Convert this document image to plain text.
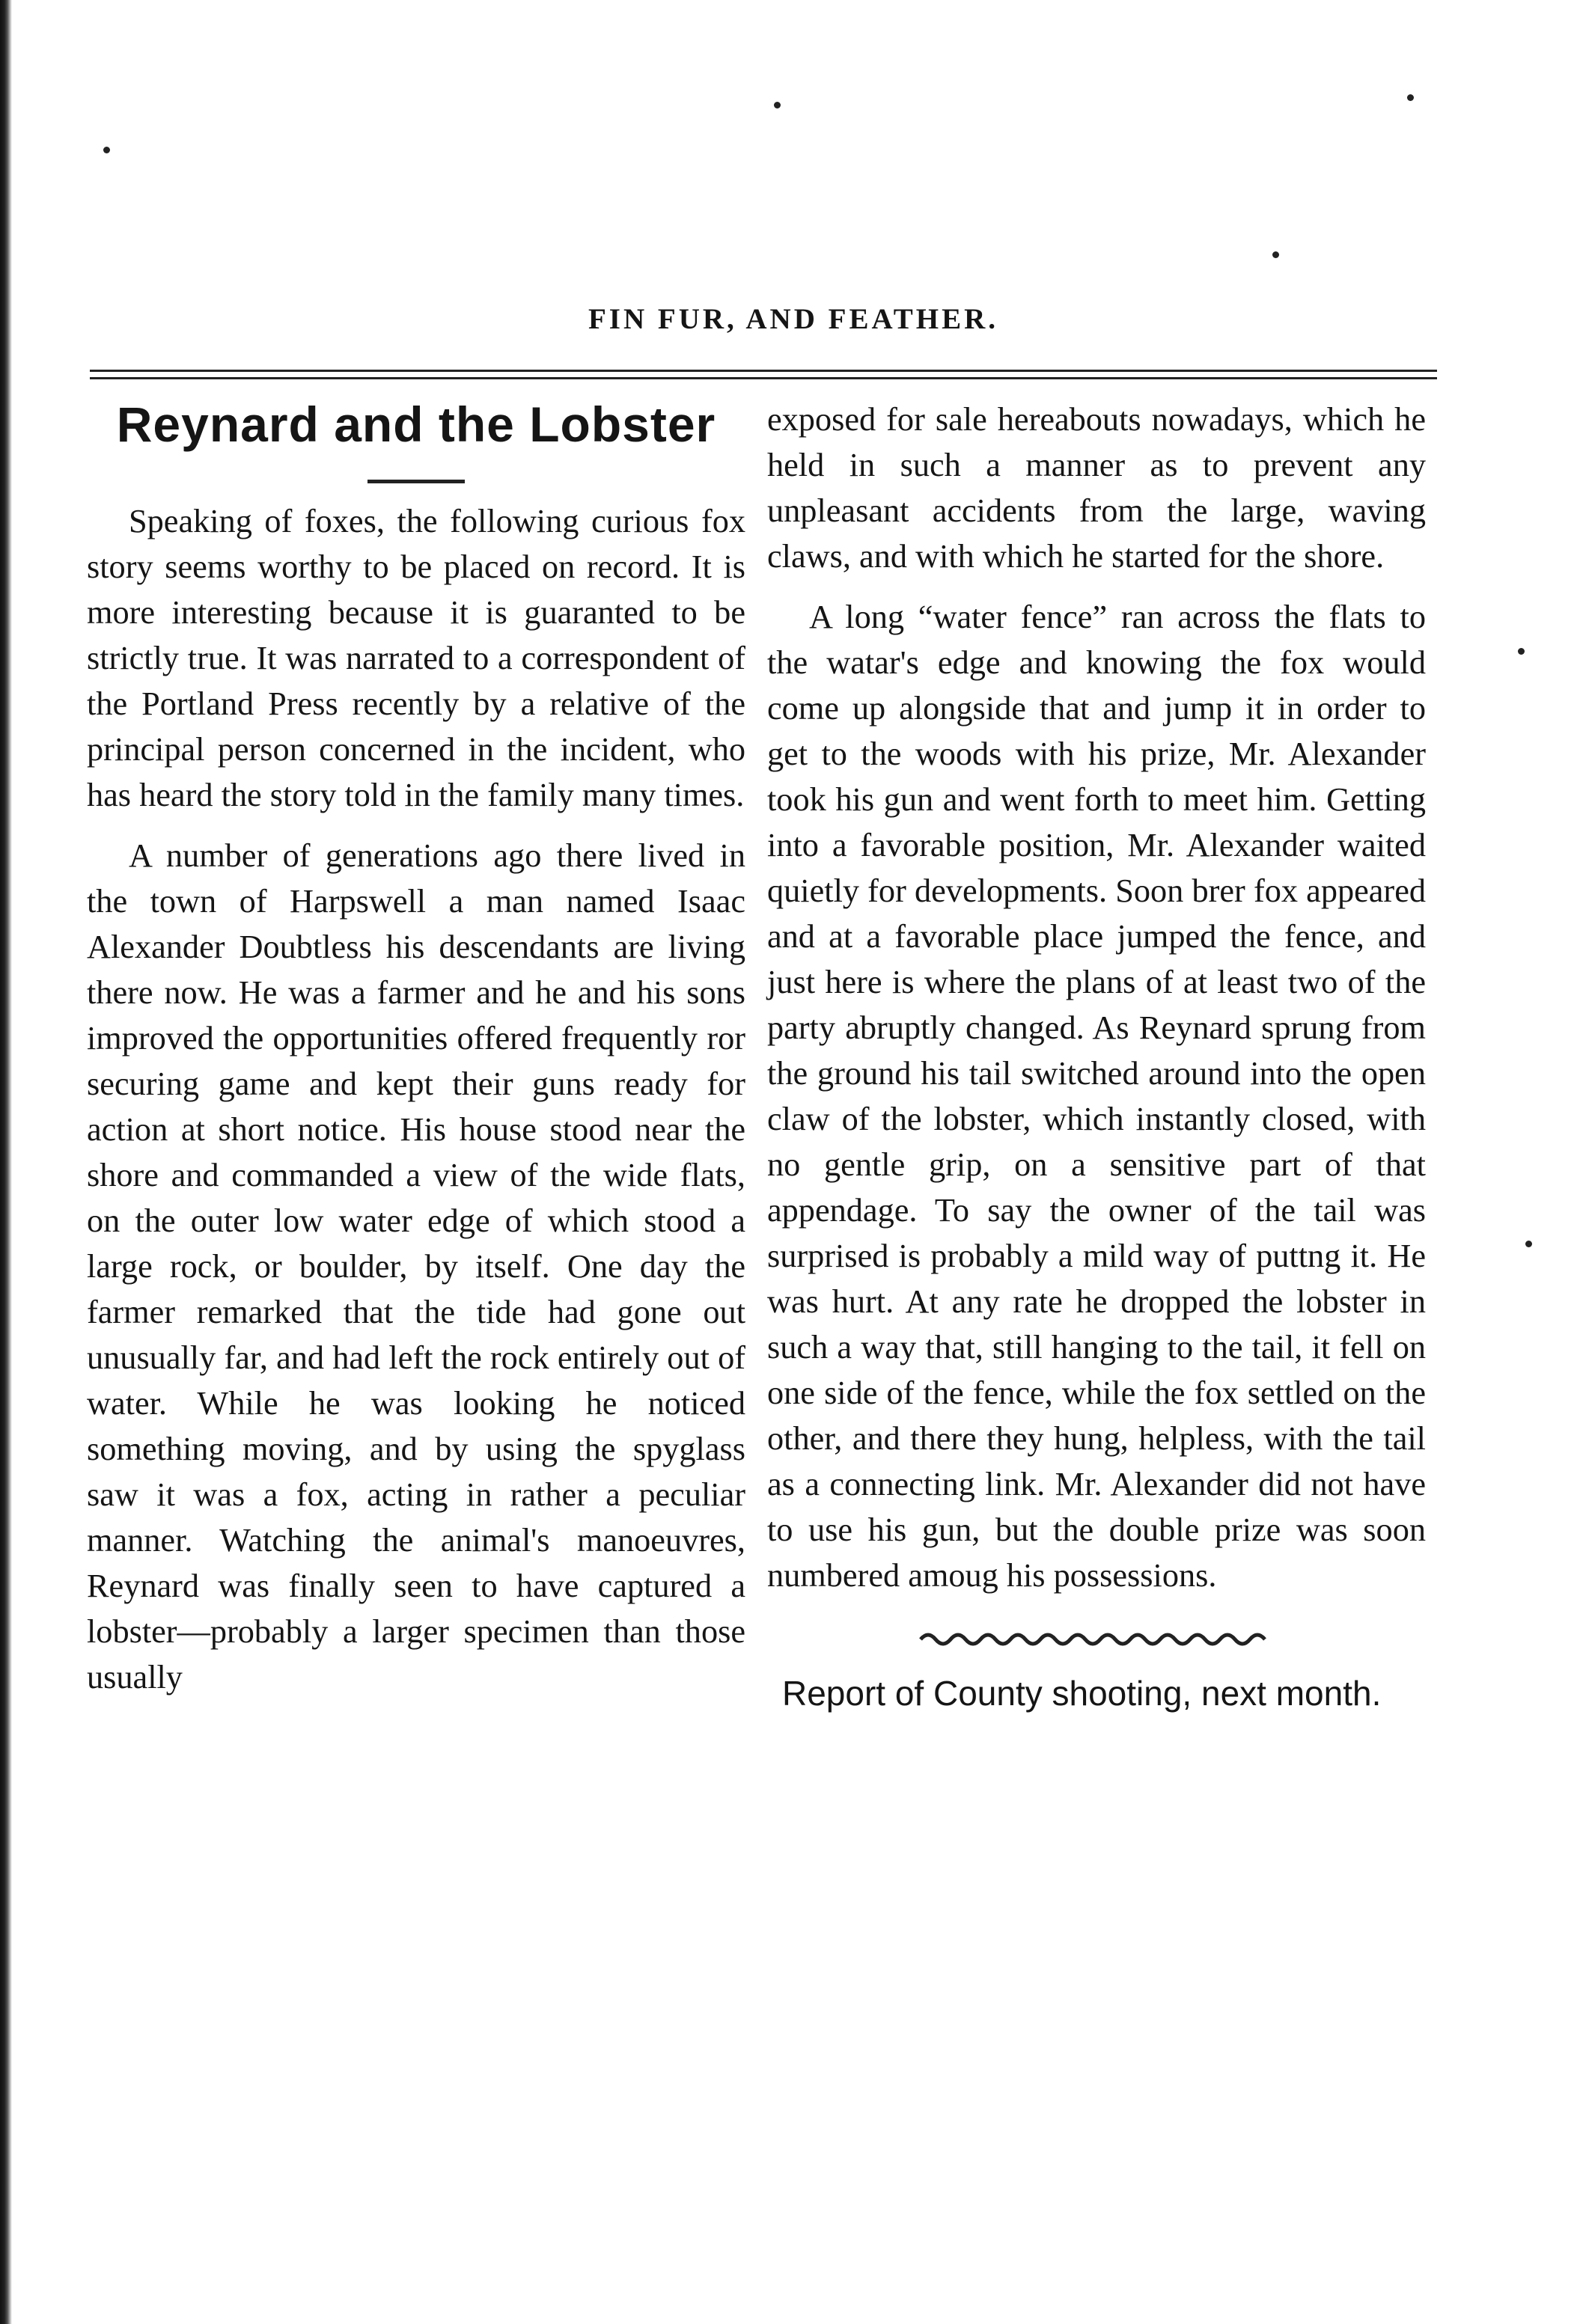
FIN FUR, AND FEATHER.
Reynard and the Lobster

Speaking of foxes, the following curious fox story seems worthy to be placed on record. It is more interesting because it is guaranted to be strictly true. It was narrated to a correspondent of the Portland Press recently by a relative of the principal person concerned in the incident, who has heard the story told in the family many times.

A number of generations ago there lived in the town of Harpswell a man named Isaac Alexander Doubtless his descendants are living there now. He was a farmer and he and his sons improved the opportunities offered frequently ror securing game and kept their guns ready for action at short notice. His house stood near the shore and commanded a view of the wide flats, on the outer low water edge of which stood a large rock, or boulder, by itself. One day the farmer remarked that the tide had gone out unusually far, and had left the rock entirely out of water. While he was looking he noticed something moving, and by using the spyglass saw it was a fox, acting in rather a peculiar manner. Watching the animal's manoeuvres, Reynard was finally seen to have captured a lobster—probably a larger specimen than those usually

exposed for sale hereabouts nowadays, which he held in such a manner as to prevent any unpleasant accidents from the large, waving claws, and with which he started for the shore.

A long “water fence” ran across the flats to the watar's edge and knowing the fox would come up alongside that and jump it in order to get to the woods with his prize, Mr. Alexander took his gun and went forth to meet him. Getting into a favorable position, Mr. Alexander waited quietly for developments. Soon brer fox appeared and at a favorable place jumped the fence, and just here is where the plans of at least two of the party abruptly changed. As Reynard sprung from the ground his tail switched around into the open claw of the lobster, which instantly closed, with no gentle grip, on a sensitive part of that appendage. To say the owner of the tail was surprised is probably a mild way of puttng it. He was hurt. At any rate he dropped the lobster in such a way that, still hanging to the tail, it fell on one side of the fence, while the fox settled on the other, and there they hung, helpless, with the tail as a connecting link. Mr. Alexander did not have to use his gun, but the double prize was soon numbered amoug his possessions.

Report of County shooting, next month.
